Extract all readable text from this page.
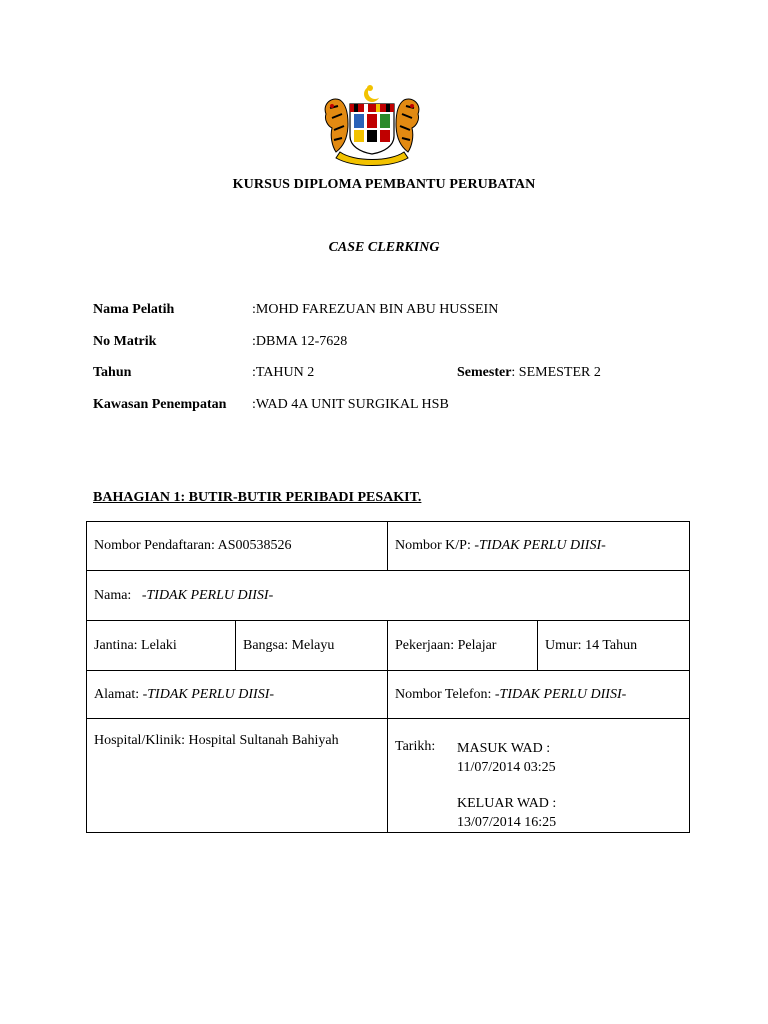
KURSUS DIPLOMA PEMBANTU PERUBATAN
CASE CLERKING
Nama Pelatih	:MOHD FAREZUAN BIN ABU HUSSEIN
No Matrik	:DBMA 12-7628
Tahun	:TAHUN 2	Semester: SEMESTER 2
Kawasan Penempatan :WAD 4A UNIT SURGIKAL HSB
BAHAGIAN 1: BUTIR-BUTIR PERIBADI PESAKIT.
Nombor Pendaftaran: AS00538526		Nombor K/P: -TIDAK PERLU DIISI-	
Nama:   -TIDAK PERLU DIISI-			
Jantina: Lelaki	Bangsa: Melayu	Pekerjaan: Pelajar	Umur: 14 Tahun
Alamat: -TIDAK PERLU DIISI-		Nombor Telefon: -TIDAK PERLU DIISI-	
Hospital/Klinik: Hospital Sultanah Bahiyah		Tarikh: MASUK WAD :
11/07/2014 03:25
KELUAR WAD :
13/07/2014 16:25	
